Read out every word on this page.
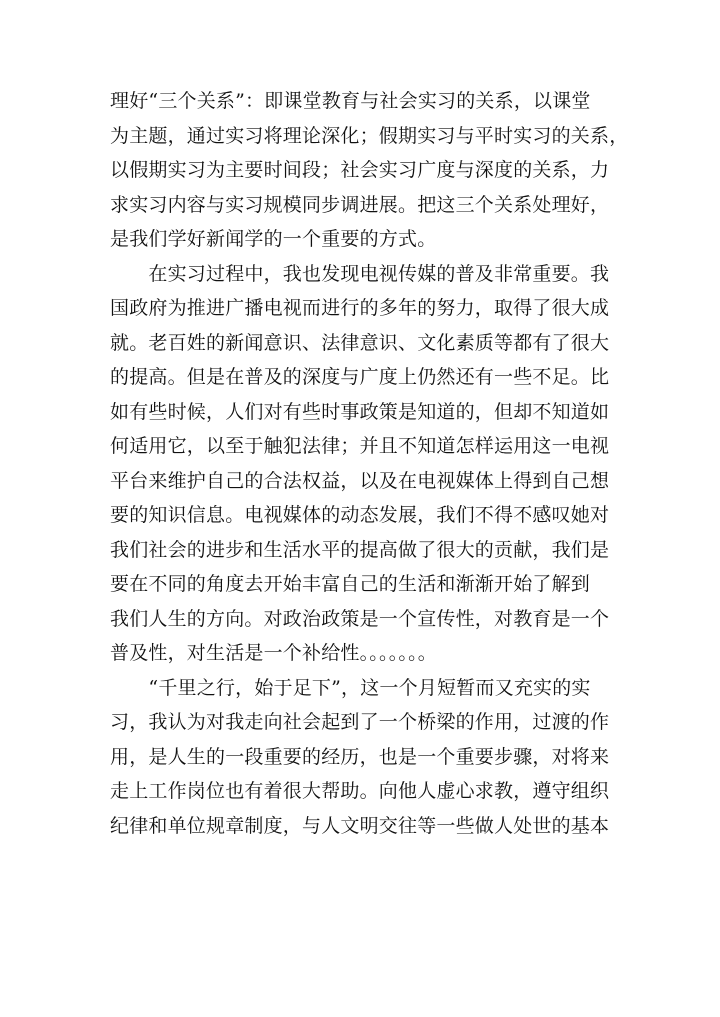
理好“三个关系”：即课堂教育与社会实习的关系，以课堂
为主题，通过实习将理论深化；假期实习与平时实习的关系，
以假期实习为主要时间段；社会实习广度与深度的关系，力
求实习内容与实习规模同步调进展。把这三个关系处理好，
是我们学好新闻学的一个重要的方式。
　　在实习过程中，我也发现电视传媒的普及非常重要。我
国政府为推进广播电视而进行的多年的努力，取得了很大成
就。老百姓的新闻意识、法律意识、文化素质等都有了很大
的提高。但是在普及的深度与广度上仍然还有一些不足。比
如有些时候，人们对有些时事政策是知道的，但却不知道如
何适用它，以至于触犯法律；并且不知道怎样运用这一电视
平台来维护自己的合法权益，以及在电视媒体上得到自己想
要的知识信息。电视媒体的动态发展，我们不得不感叹她对
我们社会的进步和生活水平的提高做了很大的贡献，我们是
要在不同的角度去开始丰富自己的生活和渐渐开始了解到
我们人生的方向。对政治政策是一个宣传性，对教育是一个
普及性，对生活是一个补给性。。。。。。。
　　“千里之行，始于足下”，这一个月短暂而又充实的实
习，我认为对我走向社会起到了一个桥梁的作用，过渡的作
用，是人生的一段重要的经历，也是一个重要步骤，对将来
走上工作岗位也有着很大帮助。向他人虚心求教，遵守组织
纪律和单位规章制度，与人文明交往等一些做人处世的基本
